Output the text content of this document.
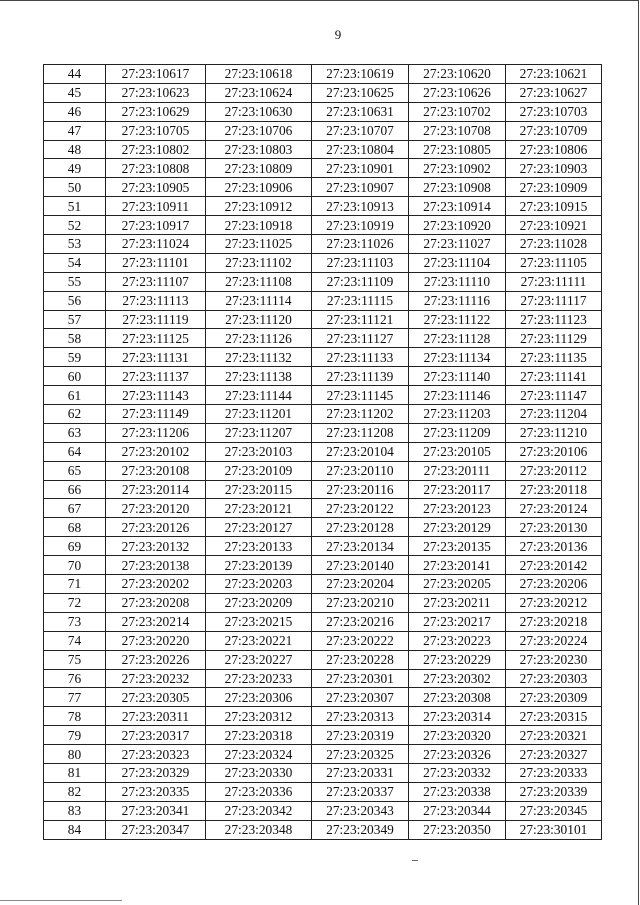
9
44	27:23:10617	27:23:10618	27:23:10619	27:23:10620	27:23:10621
45	27:23:10623	27:23:10624	27:23:10625	27:23:10626	27:23:10627
46	27:23:10629	27:23:10630	27:23:10631	27:23:10702	27:23:10703
47	27:23:10705	27:23:10706	27:23:10707	27:23:10708	27:23:10709
48	27:23:10802	27:23:10803	27:23:10804	27:23:10805	27:23:10806
49	27:23:10808	27:23:10809	27:23:10901	27:23:10902	27:23:10903
50	27:23:10905	27:23:10906	27:23:10907	27:23:10908	27:23:10909
51	27:23:10911	27:23:10912	27:23:10913	27:23:10914	27:23:10915
52	27:23:10917	27:23:10918	27:23:10919	27:23:10920	27:23:10921
53	27:23:11024	27:23:11025	27:23:11026	27:23:11027	27:23:11028
54	27:23:11101	27:23:11102	27:23:11103	27:23:11104	27:23:11105
55	27:23:11107	27:23:11108	27:23:11109	27:23:11110	27:23:11111
56	27:23:11113	27:23:11114	27:23:11115	27:23:11116	27:23:11117
57	27:23:11119	27:23:11120	27:23:11121	27:23:11122	27:23:11123
58	27:23:11125	27:23:11126	27:23:11127	27:23:11128	27:23:11129
59	27:23:11131	27:23:11132	27:23:11133	27:23:11134	27:23:11135
60	27:23:11137	27:23:11138	27:23:11139	27:23:11140	27:23:11141
61	27:23:11143	27:23:11144	27:23:11145	27:23:11146	27:23:11147
62	27:23:11149	27:23:11201	27:23:11202	27:23:11203	27:23:11204
63	27:23:11206	27:23:11207	27:23:11208	27:23:11209	27:23:11210
64	27:23:20102	27:23:20103	27:23:20104	27:23:20105	27:23:20106
65	27:23:20108	27:23:20109	27:23:20110	27:23:20111	27:23:20112
66	27:23:20114	27:23:20115	27:23:20116	27:23:20117	27:23:20118
67	27:23:20120	27:23:20121	27:23:20122	27:23:20123	27:23:20124
68	27:23:20126	27:23:20127	27:23:20128	27:23:20129	27:23:20130
69	27:23:20132	27:23:20133	27:23:20134	27:23:20135	27:23:20136
70	27:23:20138	27:23:20139	27:23:20140	27:23:20141	27:23:20142
71	27:23:20202	27:23:20203	27:23:20204	27:23:20205	27:23:20206
72	27:23:20208	27:23:20209	27:23:20210	27:23:20211	27:23:20212
73	27:23:20214	27:23:20215	27:23:20216	27:23:20217	27:23:20218
74	27:23:20220	27:23:20221	27:23:20222	27:23:20223	27:23:20224
75	27:23:20226	27:23:20227	27:23:20228	27:23:20229	27:23:20230
76	27:23:20232	27:23:20233	27:23:20301	27:23:20302	27:23:20303
77	27:23:20305	27:23:20306	27:23:20307	27:23:20308	27:23:20309
78	27:23:20311	27:23:20312	27:23:20313	27:23:20314	27:23:20315
79	27:23:20317	27:23:20318	27:23:20319	27:23:20320	27:23:20321
80	27:23:20323	27:23:20324	27:23:20325	27:23:20326	27:23:20327
81	27:23:20329	27:23:20330	27:23:20331	27:23:20332	27:23:20333
82	27:23:20335	27:23:20336	27:23:20337	27:23:20338	27:23:20339
83	27:23:20341	27:23:20342	27:23:20343	27:23:20344	27:23:20345
84	27:23:20347	27:23:20348	27:23:20349	27:23:20350	27:23:30101
